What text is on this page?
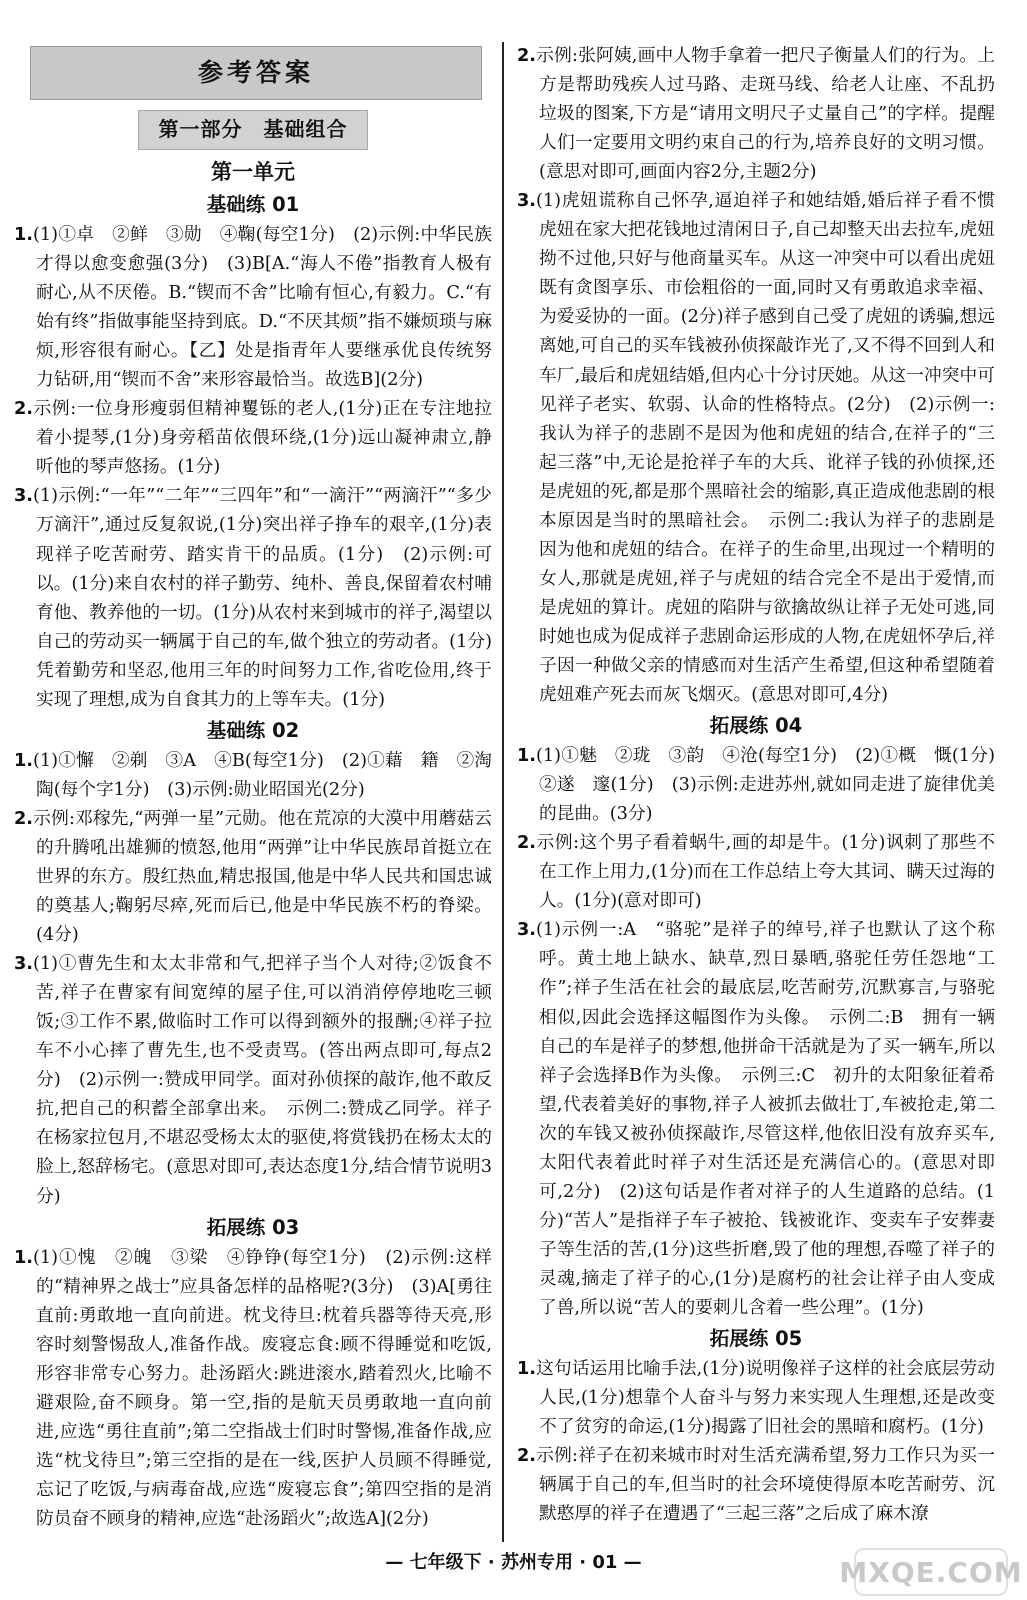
参考答案
第一部分　基础组合
第一单元
基础练 01
1.(1)①卓　②鲜　③勋　④鞠(每空1分)　(2)示例:中华民族才得以愈变愈强(3分)　(3)B[A.“海人不倦”指教育人极有耐心,从不厌倦。B.“锲而不舍”比喻有恒心,有毅力。C.“有始有终”指做事能坚持到底。D.“不厌其烦”指不嫌烦琐与麻烦,形容很有耐心。【乙】处是指青年人要继承优良传统努力钻研,用“锲而不舍”来形容最恰当。故选B](2分)
2.示例:一位身形瘦弱但精神矍铄的老人,(1分)正在专注地拉着小提琴,(1分)身旁稻苗依偎环绕,(1分)远山凝神肃立,静听他的琴声悠扬。(1分)
3.(1)示例:“一年”“二年”“三四年”和“一滴汗”“两滴汗”“多少万滴汗”,通过反复叙说,(1分)突出祥子挣车的艰辛,(1分)表现祥子吃苦耐劳、踏实肯干的品质。(1分)　(2)示例:可以。(1分)来自农村的祥子勤劳、纯朴、善良,保留着农村哺育他、教养他的一切。(1分)从农村来到城市的祥子,渴望以自己的劳动买一辆属于自己的车,做个独立的劳动者。(1分)凭着勤劳和坚忍,他用三年的时间努力工作,省吃俭用,终于实现了理想,成为自食其力的上等车夫。(1分)
基础练 02
1.(1)①懈　②剃　③A　④B(每空1分)　(2)①藉　籍　②淘　陶(每个字1分)　(3)示例:勋业昭国光(2分)
2.示例:邓稼先,“两弹一星”元勋。他在荒凉的大漠中用蘑菇云的升腾吼出雄狮的愤怒,他用“两弹”让中华民族昂首挺立在世界的东方。殷红热血,精忠报国,他是中华人民共和国忠诚的奠基人;鞠躬尽瘁,死而后已,他是中华民族不朽的脊梁。(4分)
3.(1)①曹先生和太太非常和气,把祥子当个人对待;②饭食不苦,祥子在曹家有间宽绰的屋子住,可以消消停停地吃三顿饭;③工作不累,做临时工作可以得到额外的报酬;④祥子拉车不小心摔了曹先生,也不受责骂。(答出两点即可,每点2分)　(2)示例一:赞成甲同学。面对孙侦探的敲诈,他不敢反抗,把自己的积蓄全部拿出来。　示例二:赞成乙同学。祥子在杨家拉包月,不堪忍受杨太太的驱使,将赏钱扔在杨太太的脸上,怒辞杨宅。(意思对即可,表达态度1分,结合情节说明3分)
拓展练 03
1.(1)①愧　②魄　③梁　④铮铮(每空1分)　(2)示例:这样的“精神界之战士”应具备怎样的品格呢?(3分)　(3)A[勇往直前:勇敢地一直向前进。枕戈待旦:枕着兵器等待天亮,形容时刻警惕敌人,准备作战。废寝忘食:顾不得睡觉和吃饭,形容非常专心努力。赴汤蹈火:跳进滚水,踏着烈火,比喻不避艰险,奋不顾身。第一空,指的是航天员勇敢地一直向前进,应选“勇往直前”;第二空指战士们时时警惕,准备作战,应选“枕戈待旦”;第三空指的是在一线,医护人员顾不得睡觉,忘记了吃饭,与病毒奋战,应选“废寝忘食”;第四空指的是消防员奋不顾身的精神,应选“赴汤蹈火”;故选A](2分)
2.示例:张阿姨,画中人物手拿着一把尺子衡量人们的行为。上方是帮助残疾人过马路、走斑马线、给老人让座、不乱扔垃圾的图案,下方是“请用文明尺子丈量自己”的字样。提醒人们一定要用文明约束自己的行为,培养良好的文明习惯。(意思对即可,画面内容2分,主题2分)
3.(1)虎妞谎称自己怀孕,逼迫祥子和她结婚,婚后祥子看不惯虎妞在家大把花钱地过清闲日子,自己却整天出去拉车,虎妞拗不过他,只好与他商量买车。从这一冲突中可以看出虎妞既有贪图享乐、市侩粗俗的一面,同时又有勇敢追求幸福、为爱妥协的一面。(2分)祥子感到自己受了虎妞的诱骗,想远离她,可自己的买车钱被孙侦探敲诈光了,又不得不回到人和车厂,最后和虎妞结婚,但内心十分讨厌她。从这一冲突中可见祥子老实、软弱、认命的性格特点。(2分)　(2)示例一:我认为祥子的悲剧不是因为他和虎妞的结合,在祥子的“三起三落”中,无论是抢祥子车的大兵、讹祥子钱的孙侦探,还是虎妞的死,都是那个黑暗社会的缩影,真正造成他悲剧的根本原因是当时的黑暗社会。　示例二:我认为祥子的悲剧是因为他和虎妞的结合。在祥子的生命里,出现过一个精明的女人,那就是虎妞,祥子与虎妞的结合完全不是出于爱情,而是虎妞的算计。虎妞的陷阱与欲擒故纵让祥子无处可逃,同时她也成为促成祥子悲剧命运形成的人物,在虎妞怀孕后,祥子因一种做父亲的情感而对生活产生希望,但这种希望随着虎妞难产死去而灰飞烟灭。(意思对即可,4分)
拓展练 04
1.(1)①魅　②珑　③韵　④沧(每空1分)　(2)①概　慨(1分)　②遂　邃(1分)　(3)示例:走进苏州,就如同走进了旋律优美的昆曲。(3分)
2.示例:这个男子看着蜗牛,画的却是牛。(1分)讽刺了那些不在工作上用力,(1分)而在工作总结上夸大其词、瞒天过海的人。(1分)(意对即可)
3.(1)示例一:A　“骆驼”是祥子的绰号,祥子也默认了这个称呼。黄土地上缺水、缺草,烈日暴晒,骆驼任劳任怨地“工作”;祥子生活在社会的最底层,吃苦耐劳,沉默寡言,与骆驼相似,因此会选择这幅图作为头像。　示例二:B　拥有一辆自己的车是祥子的梦想,他拼命干活就是为了买一辆车,所以祥子会选择B作为头像。　示例三:C　初升的太阳象征着希望,代表着美好的事物,祥子人被抓去做壮丁,车被抢走,第二次的车钱又被孙侦探敲诈,尽管这样,他依旧没有放弃买车,太阳代表着此时祥子对生活还是充满信心的。(意思对即可,2分)　(2)这句话是作者对祥子的人生道路的总结。(1分)“苦人”是指祥子车子被抢、钱被讹诈、变卖车子安葬妻子等生活的苦,(1分)这些折磨,毁了他的理想,吞噬了祥子的灵魂,摘走了祥子的心,(1分)是腐朽的社会让祥子由人变成了兽,所以说“苦人的要刺儿含着一些公理”。(1分)
拓展练 05
1.这句话运用比喻手法,(1分)说明像祥子这样的社会底层劳动人民,(1分)想靠个人奋斗与努力来实现人生理想,还是改变不了贫穷的命运,(1分)揭露了旧社会的黑暗和腐朽。(1分)
2.示例:祥子在初来城市时对生活充满希望,努力工作只为买一辆属于自己的车,但当时的社会环境使得原本吃苦耐劳、沉默憨厚的祥子在遭遇了“三起三落”之后成了麻木潦
— 七年级下 · 苏州专用 · 01 —	MXQE.COM
